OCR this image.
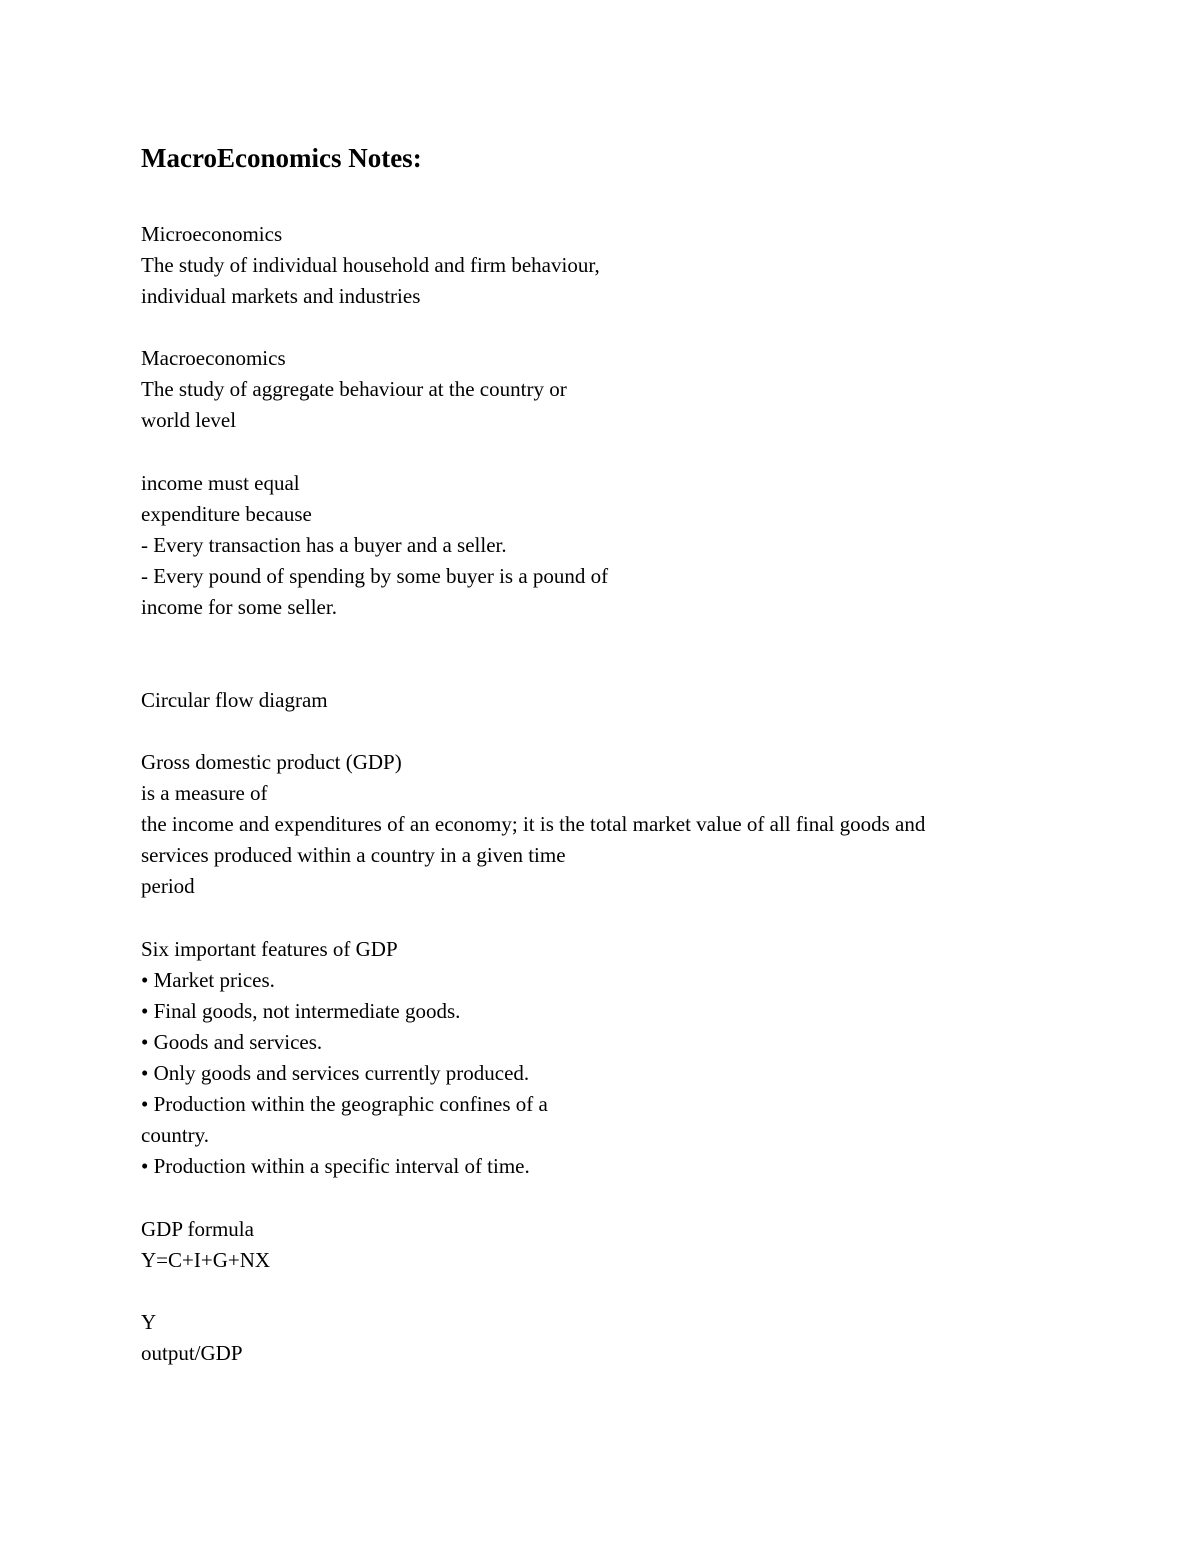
MacroEconomics Notes:

Microeconomics

The study of individual household and firm behaviour,

individual markets and industries

Macroeconomics

The study of aggregate behaviour at the country or

world level

income must equal

expenditure because

- Every transaction has a buyer and a seller.

- Every pound of spending by some buyer is a pound of

income for some seller.

Circular flow diagram

Gross domestic product (GDP)

is a measure of

the income and expenditures of an economy; it is the total market value of all final goods and

services produced within a country in a given time

period

Six important features of GDP

• Market prices.

• Final goods, not intermediate goods.

• Goods and services.

• Only goods and services currently produced.

• Production within the geographic confines of a

country.

• Production within a specific interval of time.

GDP formula

Y=C+I+G+NX

Y

output/GDP
